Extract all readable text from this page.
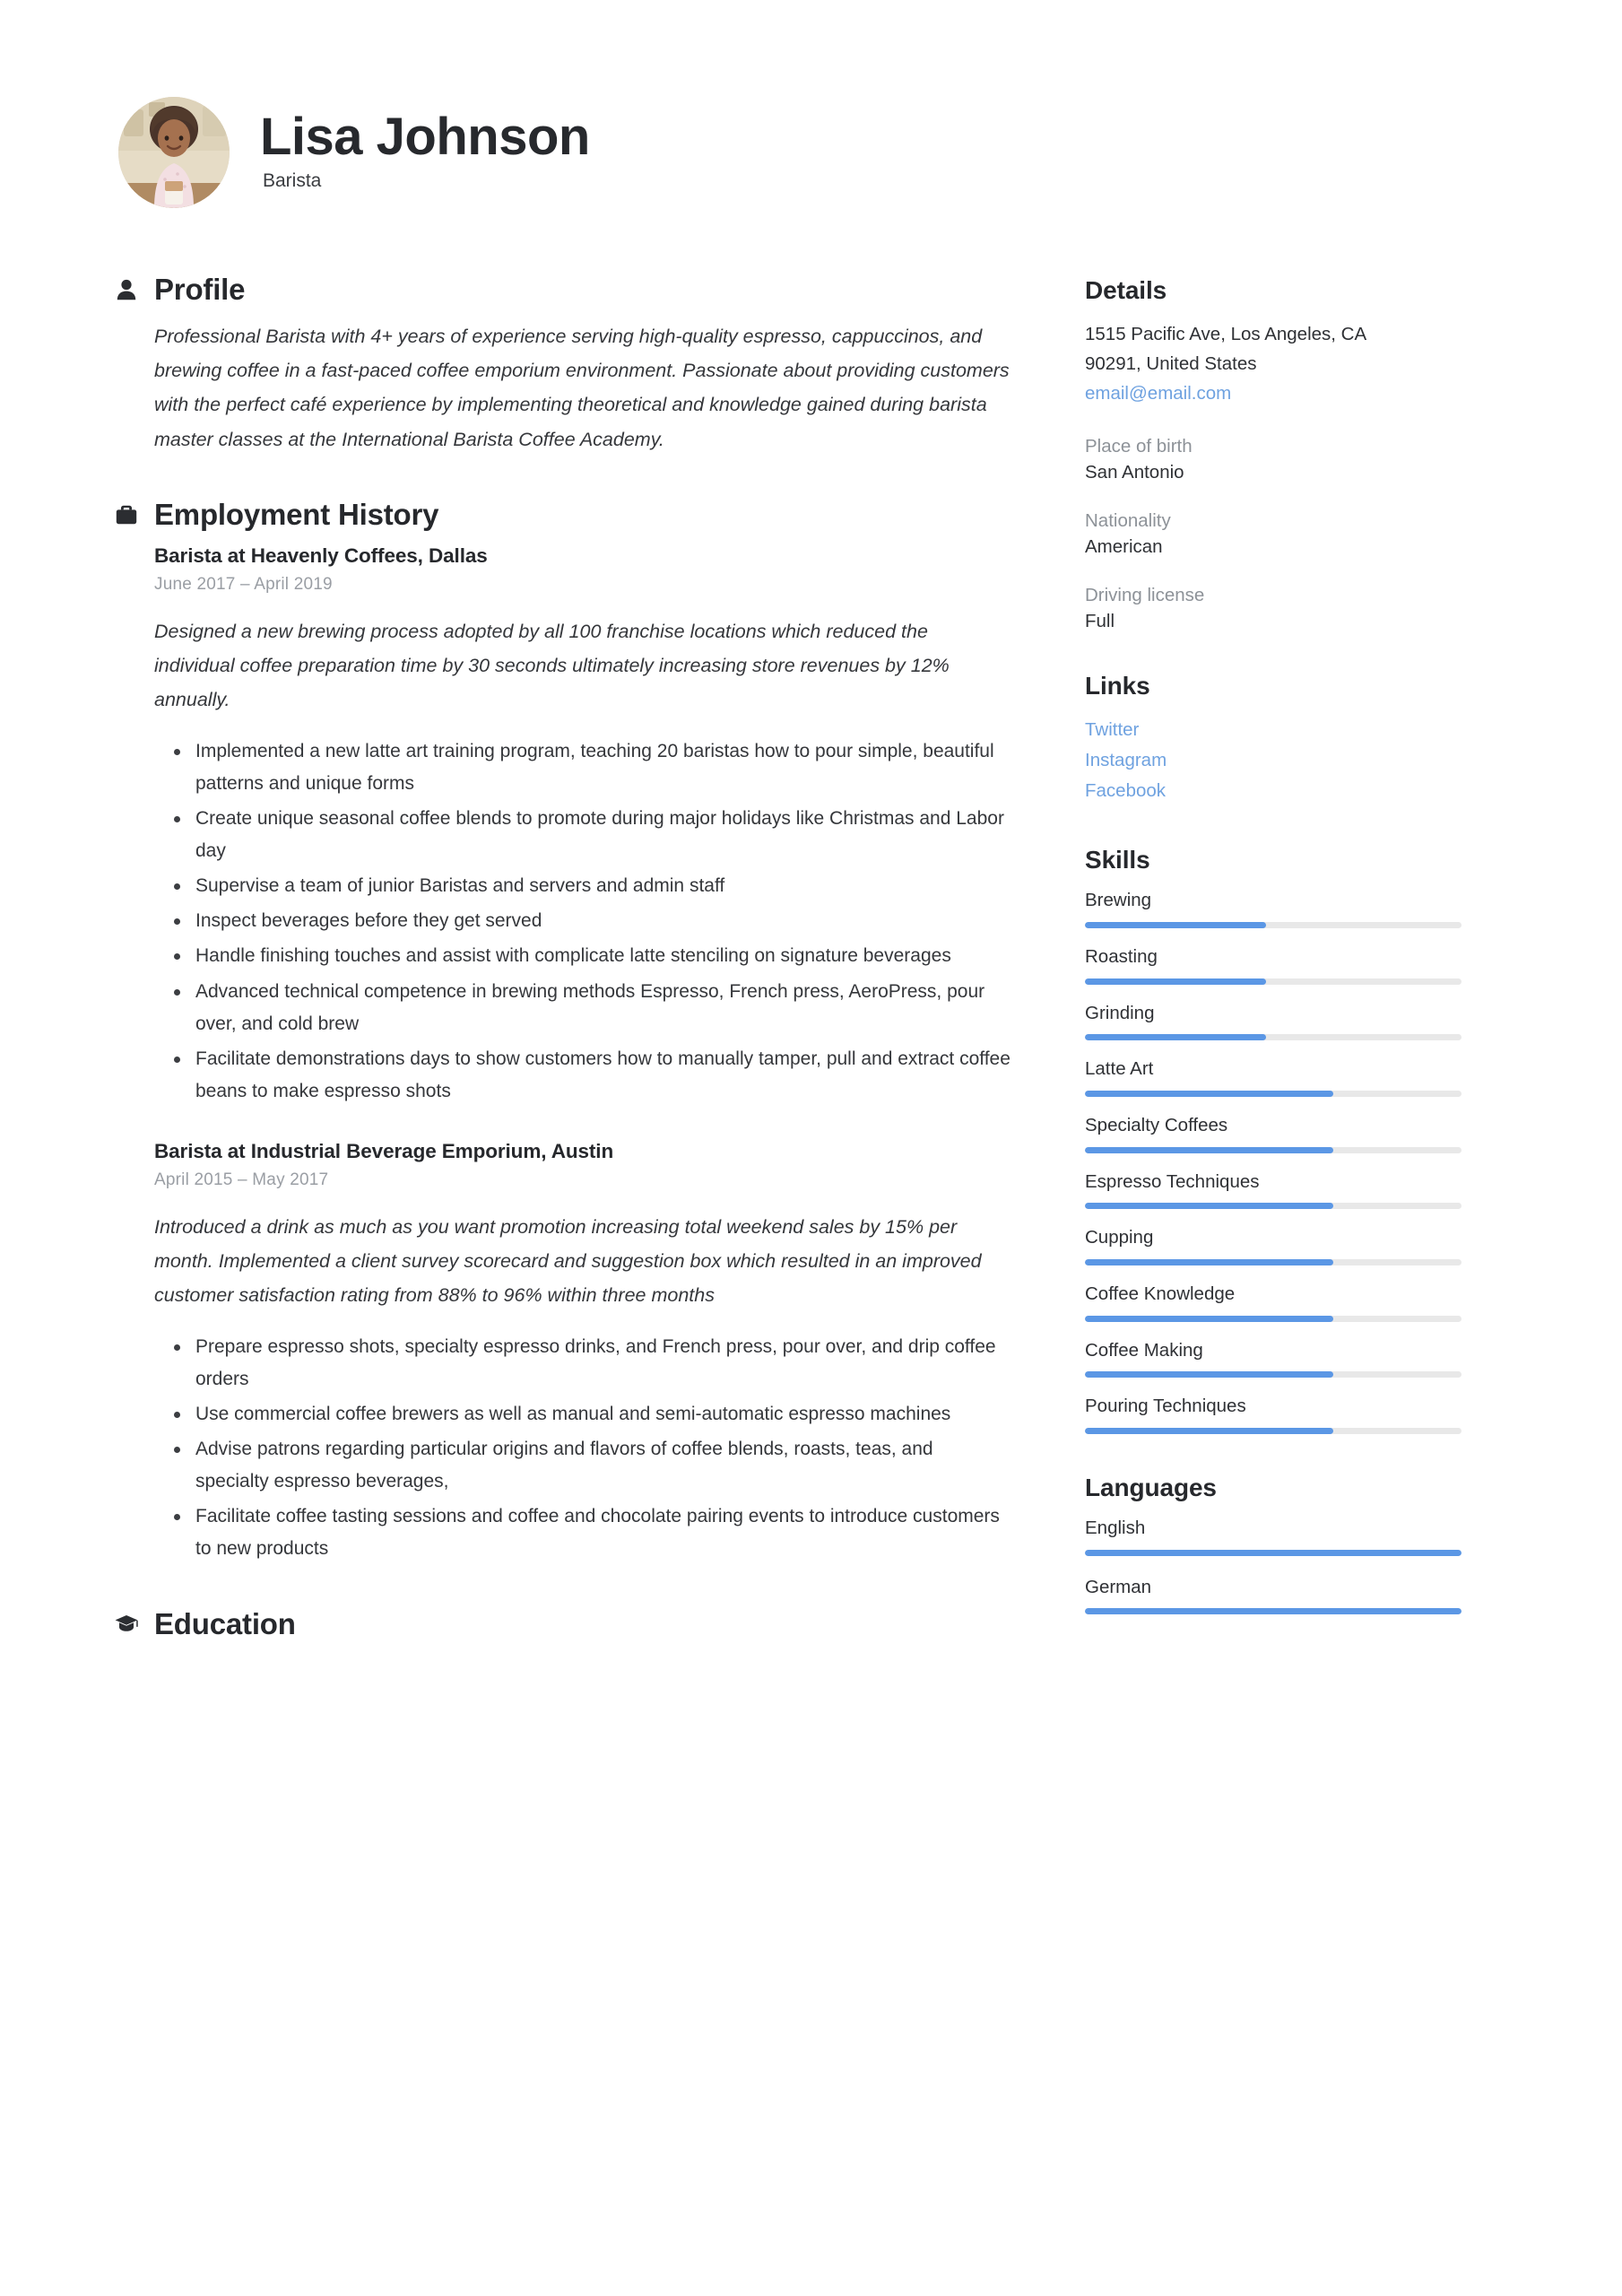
Lisa Johnson
Barista
Profile

Professional Barista with 4+ years of experience serving high-quality espresso, cappuccinos, and brewing coffee in a fast-paced coffee emporium environment. Passionate about providing customers with the perfect café experience by implementing theoretical and knowledge gained during barista master classes at the International Barista Coffee Academy.

Employment History
Barista at Heavenly Coffees, Dallas
June 2017 – April 2019
Designed a new brewing process adopted by all 100 franchise locations which reduced the individual coffee preparation time by 30 seconds ultimately increasing store revenues by 12% annually.
Implemented a new latte art training program, teaching 20 baristas how to pour simple, beautiful patterns and unique forms
Create unique seasonal coffee blends to promote during major holidays like Christmas and Labor day
Supervise a team of junior Baristas and servers and admin staff
Inspect beverages before they get served
Handle finishing touches and assist with complicate latte stenciling on signature beverages
Advanced technical competence in brewing methods Espresso, French press, AeroPress, pour over, and cold brew
Facilitate demonstrations days to show customers how to manually tamper, pull and extract coffee beans to make espresso shots
Barista at Industrial Beverage Emporium, Austin
April 2015 – May 2017
Introduced a drink as much as you want promotion increasing total weekend sales by 15% per month. Implemented a client survey scorecard and suggestion box which resulted in an improved customer satisfaction rating from 88% to 96% within three months
Prepare espresso shots, specialty espresso drinks, and French press, pour over, and drip coffee orders
Use commercial coffee brewers as well as manual and semi-automatic espresso machines
Advise patrons regarding particular origins and flavors of coffee blends, roasts, teas, and specialty espresso beverages,
Facilitate coffee tasting sessions and coffee and chocolate pairing events to introduce customers to new products
Education
Details
1515 Pacific Ave, Los Angeles, CA
90291, United States
email@email.com
Place of birth
San Antonio
Nationality
American
Driving license
Full
Links
Twitter
Instagram
Facebook
Skills
Brewing
Roasting
Grinding
Latte Art
Specialty Coffees
Espresso Techniques
Cupping
Coffee Knowledge
Coffee Making
Pouring Techniques
Languages
English
German
